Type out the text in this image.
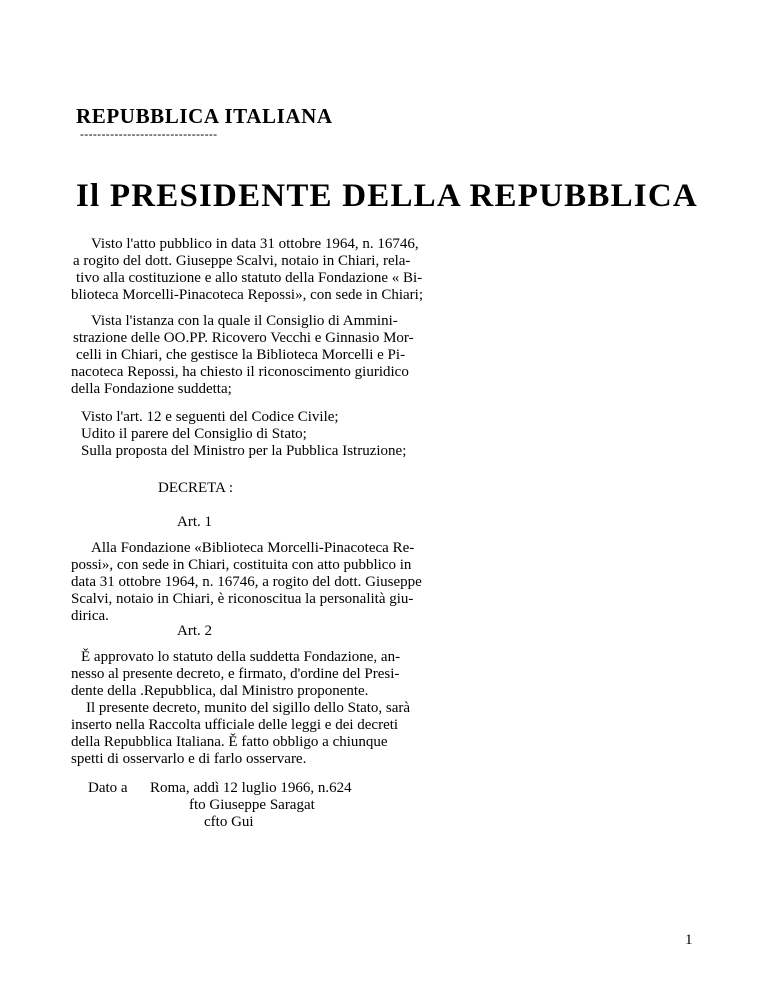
REPUBBLICA ITALIANA
--------------------------------
Il PRESIDENTE DELLA REPUBBLICA
Visto l'atto pubblico in data 31 ottobre 1964, n. 16746,
a rogito del dott. Giuseppe Scalvi, notaio in Chiari, rela-
tivo alla costituzione e allo statuto della Fondazione « Bi-
blioteca Morcelli-Pinacoteca Repossi», con sede in Chiari;
Vista l'istanza con la quale il Consiglio di Ammini-
strazione delle OO.PP. Ricovero Vecchi e Ginnasio Mor-
celli in Chiari, che gestisce la Biblioteca Morcelli e Pi-
nacoteca Repossi, ha chiesto il riconoscimento giuridico
della Fondazione suddetta;
Visto l'art. 12 e seguenti del Codice Civile;
Udito il parere del Consiglio di Stato;
Sulla proposta del Ministro per la Pubblica Istruzione;
DECRETA :
Art. 1
Alla Fondazione «Biblioteca Morcelli-Pinacoteca Re-
possi», con sede in Chiari, costituita con atto pubblico in
data 31 ottobre 1964, n. 16746, a rogito del dott. Giuseppe
Scalvi, notaio in Chiari, è riconoscitua la personalità giu-
dirica.
Art. 2
Ě approvato lo statuto della suddetta Fondazione, an-
nesso al presente decreto, e firmato, d'ordine del Presi-
dente della .Repubblica, dal Ministro proponente.
Il presente decreto, munito del sigillo dello Stato, sarà
inserto nella Raccolta ufficiale delle leggi e dei decreti
della Repubblica Italiana. Ě fatto obbligo a chiunque
spetti di osservarlo e di farlo osservare.
Dato a Roma, addì 12 luglio 1966, n.624
fto Giuseppe Saragat
cfto Gui
1
